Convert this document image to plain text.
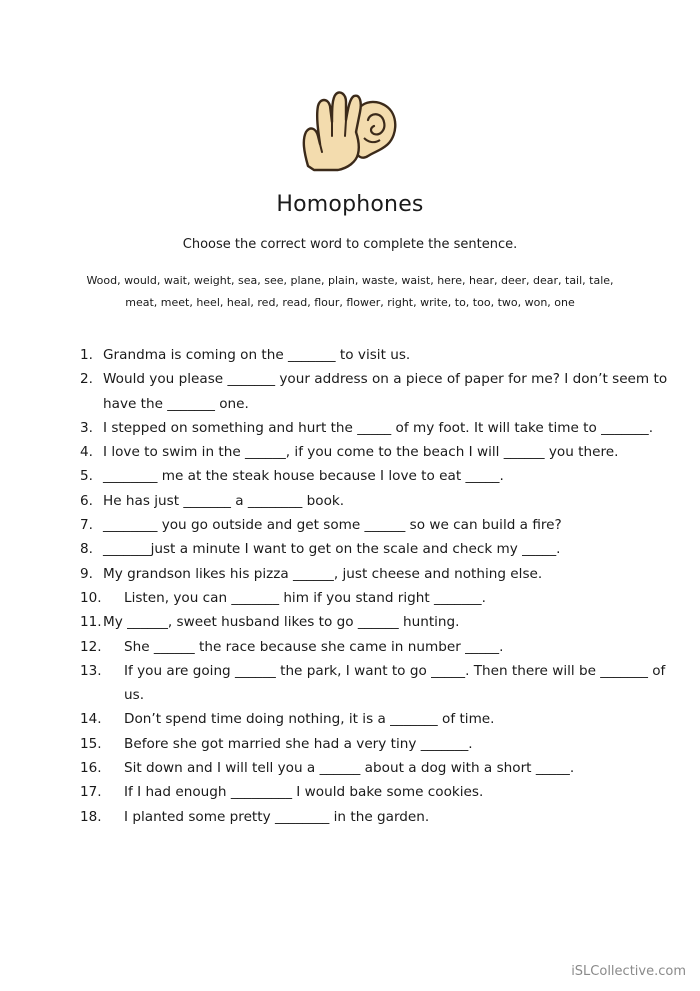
Homophones
Choose the correct word to complete the sentence.
Wood, would, wait, weight, sea, see, plane, plain, waste, waist, here, hear, deer, dear, tail, tale,
meat, meet, heel, heal, red, read, flour, flower, right, write, to, too, two, won, one
1. Grandma is coming on the _______ to visit us.
2. Would you please _______ your address on a piece of paper for me? I don’t seem to have the _______ one.
3. I stepped on something and hurt the _____ of my foot. It will take time to _______.
4. I love to swim in the ______, if you come to the beach I will ______ you there.
5. ________ me at the steak house because I love to eat _____.
6. He has just _______ a ________ book.
7. ________ you go outside and get some ______ so we can build a fire?
8. _______just a minute I want to get on the scale and check my _____.
9. My grandson likes his pizza ______, just cheese and nothing else.
10.	Listen, you can _______ him if you stand right _______.
11. My ______, sweet husband likes to go ______ hunting.
12.	She ______ the race because she came in number _____.
13.	If you are going ______ the park, I want to go _____. Then there will be _______ of us.
14.	Don’t spend time doing nothing, it is a _______ of time.
15.	Before she got married she had a very tiny _______.
16.	Sit down and I will tell you a ______ about a dog with a short _____.
17.	If I had enough _________ I would bake some cookies.
18.	I planted some pretty ________ in the garden.
iSLCollective.com
